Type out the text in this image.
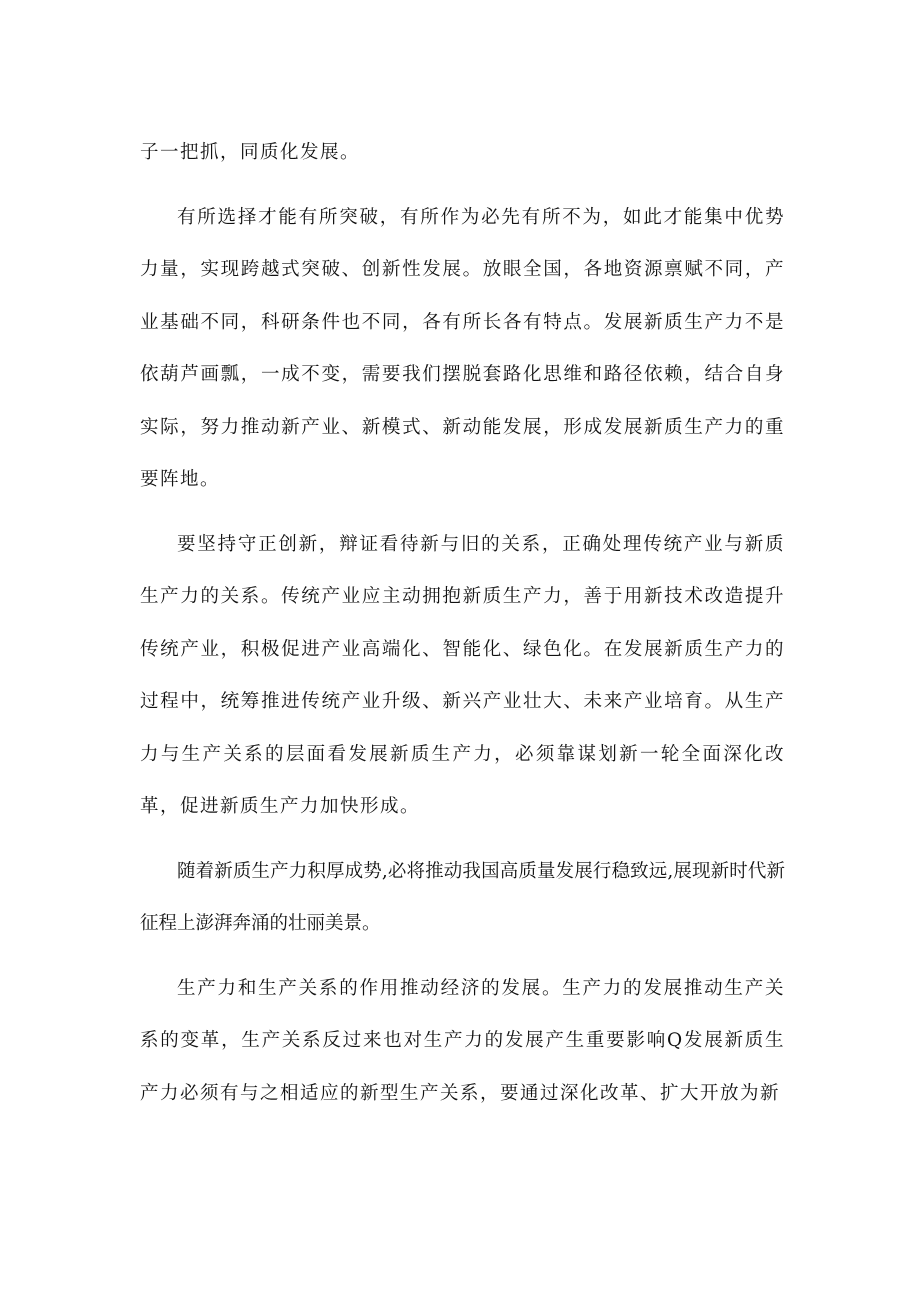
子一把抓，同质化发展。

有所选择才能有所突破，有所作为必先有所不为，如此才能集中优势力量，实现跨越式突破、创新性发展。放眼全国，各地资源禀赋不同，产业基础不同，科研条件也不同，各有所长各有特点。发展新质生产力不是依葫芦画瓢，一成不变，需要我们摆脱套路化思维和路径依赖，结合自身实际，努力推动新产业、新模式、新动能发展，形成发展新质生产力的重要阵地。

要坚持守正创新，辩证看待新与旧的关系，正确处理传统产业与新质生产力的关系。传统产业应主动拥抱新质生产力，善于用新技术改造提升传统产业，积极促进产业高端化、智能化、绿色化。在发展新质生产力的过程中，统筹推进传统产业升级、新兴产业壮大、未来产业培育。从生产力与生产关系的层面看发展新质生产力，必须靠谋划新一轮全面深化改革，促进新质生产力加快形成。

随着新质生产力积厚成势,必将推动我国高质量发展行稳致远,展现新时代新征程上澎湃奔涌的壮丽美景。

生产力和生产关系的作用推动经济的发展。生产力的发展推动生产关系的变革，生产关系反过来也对生产力的发展产生重要影响Q发展新质生产力必须有与之相适应的新型生产关系，要通过深化改革、扩大开放为新
